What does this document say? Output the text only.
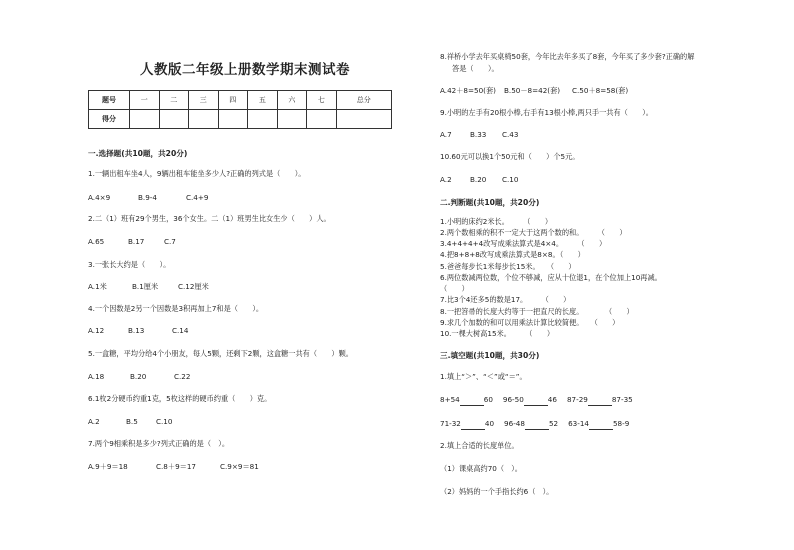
人教版二年级上册数学期末测试卷
题号	一	二	三	四	五	六	七	总分
得分								
一.选择题(共10题，共20分)
1.一辆出租车坐4人，9辆出租车能坐多少人?正确的列式是（　　）。
A.4×9	B.9-4	C.4+9
2.二（1）班有29个男生，36个女生。二（1）班男生比女生少（　　）人。
A.65	B.17	C.7
3.一张长大约是（　　）。
A.1米	B.1厘米	C.12厘米
4.一个因数是2另一个因数是3积再加上7和是（　　）。
A.12	B.13	C.14
5.一盒糖，平均分给4个小朋友，每人5颗，还剩下2颗，这盒糖一共有（　　）颗。
A.18	B.20	C.22
6.1枚2分硬币约重1克，5枚这样的硬币约重（　　）克。
A.2	B.5	C.10
7.两个9相乘积是多少?列式正确的是（　）。
A.9＋9＝18	C.8＋9＝17	C.9×9＝81
8.祥桥小学去年买桌椅50套，今年比去年多买了8套，今年买了多少套?正确的解
答是（　　）。
A.42＋8=50(套) B.50－8=42(套) C.50＋8=58(套)
9.小明的左手有20根小棒,右手有13根小棒,两只手一共有（　　）。
A.7	B.33 C.43
10.60元可以换1个50元和（　　）个5元。
A.2	B.20 C.10
二.判断题(共10题，共20分)
1.小明的床约2米长。　　　（　　）
2.两个数相乘的积不一定大于这两个数的和。　　　（　　）
3.4+4+4+4改写成乘法算式是4×4。　　　（　　）
4.把8+8+8改写成乘法算式是8×8。（　　）
5.爸爸每步长1米每步长15米。　　（　　）
6.两位数减两位数，个位不够减，应从十位退1，在个位加上10再减。
（　　）
7.比3个4还多5的数是17。　　　（　　）
8.一把笤帚的长度大约等于一把直尺的长度。　　　　（　　）
9.求几个加数的和可以用乘法计算比较简便。　　（　　）
10.一棵大树高15米。　　　（　　）
三.填空题(共10题，共30分)
1.填上“＞”、“＜”或“＝”。
8+54	60 96-50	46 87-29	87-35
71-32	40 96-48	52 63-14	58-9
2.填上合适的长度单位。
（1）课桌高约70（　）。
（2）妈妈的一个手指长约6（　）。
